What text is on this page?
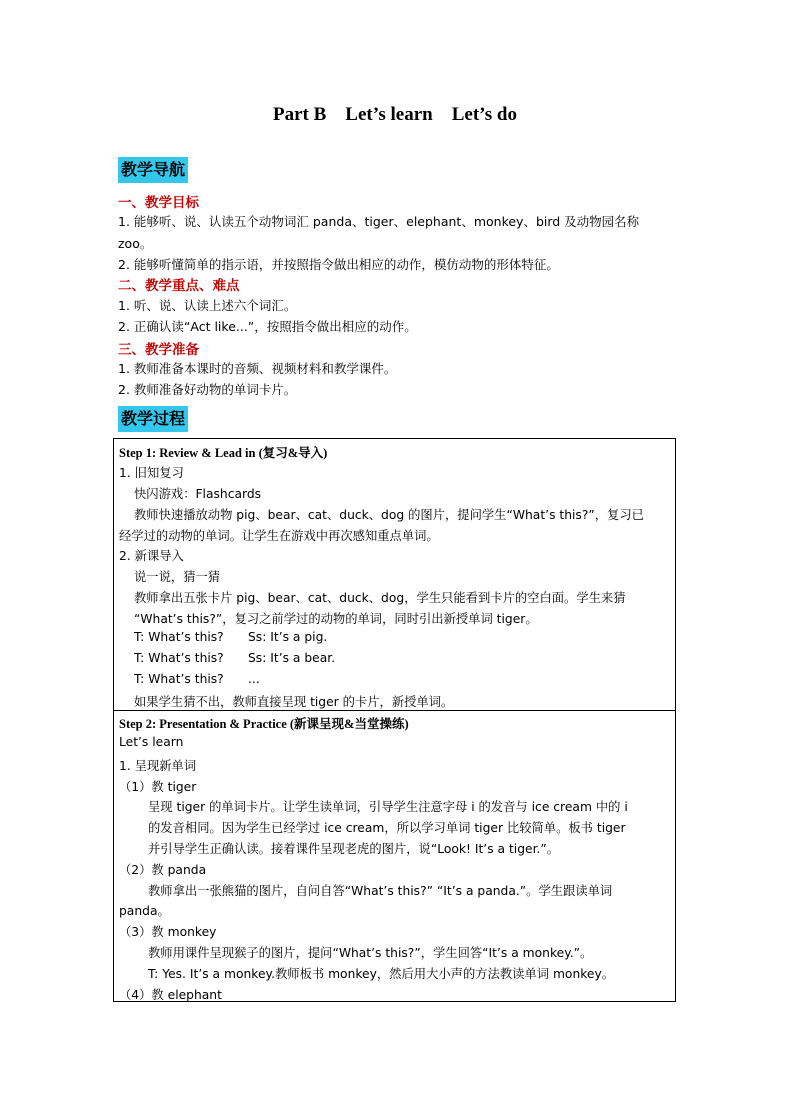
Part B    Let’s learn    Let’s do
教学导航
一、教学目标
1. 能够听、说、认读五个动物词汇 panda、tiger、elephant、monkey、bird 及动物园名称
zoo。
2. 能够听懂简单的指示语，并按照指令做出相应的动作，模仿动物的形体特征。
二、教学重点、难点
1. 听、说、认读上述六个词汇。
2. 正确认读“Act like...”，按照指令做出相应的动作。
三、教学准备
1. 教师准备本课时的音频、视频材料和教学课件。
2. 教师准备好动物的单词卡片。
教学过程
Step 1: Review & Lead in (复习&导入)
1. 旧知复习
快闪游戏：Flashcards
教师快速播放动物 pig、bear、cat、duck、dog 的图片，提问学生“What’s this?”，复习已
经学过的动物的单词。让学生在游戏中再次感知重点单词。
2. 新课导入
说一说，猜一猜
教师拿出五张卡片 pig、bear、cat、duck、dog，学生只能看到卡片的空白面。学生来猜
“What’s this?”，复习之前学过的动物的单词，同时引出新授单词 tiger。
T: What’s this? Ss: It’s a pig.
T: What’s this? Ss: It’s a bear.
T: What’s this? ...
如果学生猜不出，教师直接呈现 tiger 的卡片，新授单词。
Step 2: Presentation & Practice (新课呈现&当堂操练)
Let’s learn
1. 呈现新单词
（1）教 tiger
呈现 tiger 的单词卡片。让学生读单词，引导学生注意字母 i 的发音与 ice cream 中的 i
的发音相同。因为学生已经学过 ice cream，所以学习单词 tiger 比较简单。板书 tiger
并引导学生正确认读。接着课件呈现老虎的图片，说“Look! It’s a tiger.”。
（2）教 panda
教师拿出一张熊猫的图片，自问自答“What’s this?” “It’s a panda.”。学生跟读单词
panda。
（3）教 monkey
教师用课件呈现猴子的图片，提问“What’s this?”，学生回答“It’s a monkey.”。
T: Yes. It’s a monkey.教师板书 monkey，然后用大小声的方法教读单词 monkey。
（4）教 elephant
